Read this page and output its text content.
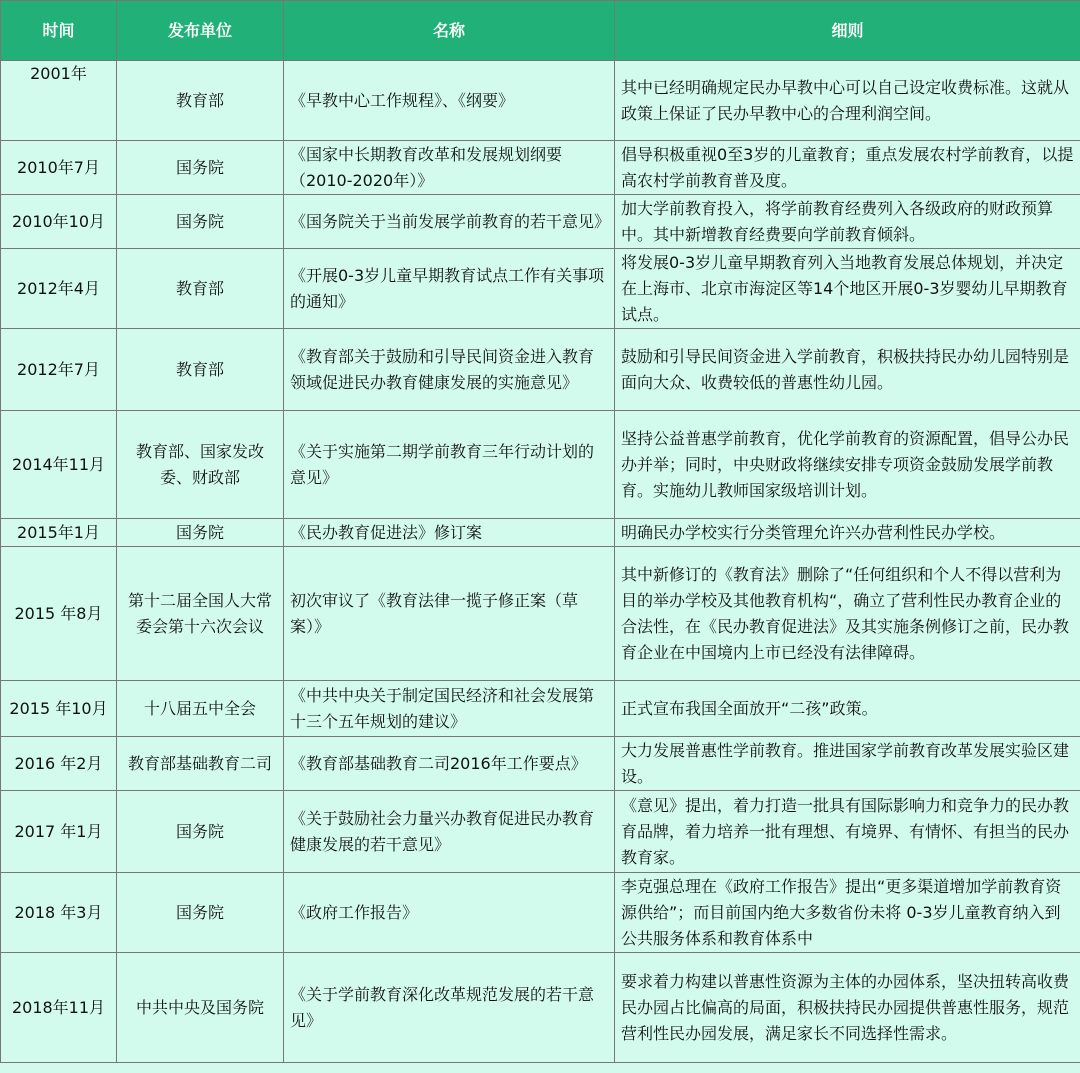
时间	发布单位	名称	细则
2001年	教育部	《早教中心工作规程》、《纲要》	其中已经明确规定民办早教中心可以自己设定收费标准。这就从政策上保证了民办早教中心的合理利润空间。
2010年7月	国务院	《国家中长期教育改革和发展规划纲要（2010-2020年）》	倡导积极重视0至3岁的儿童教育；重点发展农村学前教育，以提高农村学前教育普及度。
2010年10月	国务院	《国务院关于当前发展学前教育的若干意见》	加大学前教育投入，将学前教育经费列入各级政府的财政预算中。其中新增教育经费要向学前教育倾斜。
2012年4月	教育部	《开展0-3岁儿童早期教育试点工作有关事项的通知》	将发展0-3岁儿童早期教育列入当地教育发展总体规划，并决定在上海市、北京市海淀区等14个地区开展0-3岁婴幼儿早期教育试点。
2012年7月	教育部	《教育部关于鼓励和引导民间资金进入教育领域促进民办教育健康发展的实施意见》	鼓励和引导民间资金进入学前教育，积极扶持民办幼儿园特别是面向大众、收费较低的普惠性幼儿园。
2014年11月	教育部、国家发改委、财政部	《关于实施第二期学前教育三年行动计划的意见》	坚持公益普惠学前教育，优化学前教育的资源配置，倡导公办民办并举；同时，中央财政将继续安排专项资金鼓励发展学前教育。实施幼儿教师国家级培训计划。
2015年1月	国务院	《民办教育促进法》修订案	明确民办学校实行分类管理允许兴办营利性民办学校。
2015 年8月	第十二届全国人大常委会第十六次会议	初次审议了《教育法律一揽子修正案（草案）》	其中新修订的《教育法》删除了“任何组织和个人不得以营利为目的举办学校及其他教育机构“，确立了营利性民办教育企业的合法性，在《民办教育促进法》及其实施条例修订之前，民办教育企业在中国境内上市已经没有法律障碍。
2015 年10月	十八届五中全会	《中共中央关于制定国民经济和社会发展第十三个五年规划的建议》	正式宣布我国全面放开“二孩”政策。
2016 年2月	教育部基础教育二司	《教育部基础教育二司2016年工作要点》	大力发展普惠性学前教育。推进国家学前教育改革发展实验区建设。
2017 年1月	国务院	《关于鼓励社会力量兴办教育促进民办教育健康发展的若干意见》	《意见》提出，着力打造一批具有国际影响力和竞争力的民办教育品牌，着力培养一批有理想、有境界、有情怀、有担当的民办教育家。
2018 年3月	国务院	《政府工作报告》	李克强总理在《政府工作报告》提出“更多渠道增加学前教育资源供给”；而目前国内绝大多数省份未将 0-3岁儿童教育纳入到公共服务体系和教育体系中
2018年11月	中共中央及国务院	《关于学前教育深化改革规范发展的若干意见》	要求着力构建以普惠性资源为主体的办园体系，坚决扭转高收费民办园占比偏高的局面，积极扶持民办园提供普惠性服务，规范营利性民办园发展，满足家长不同选择性需求。
